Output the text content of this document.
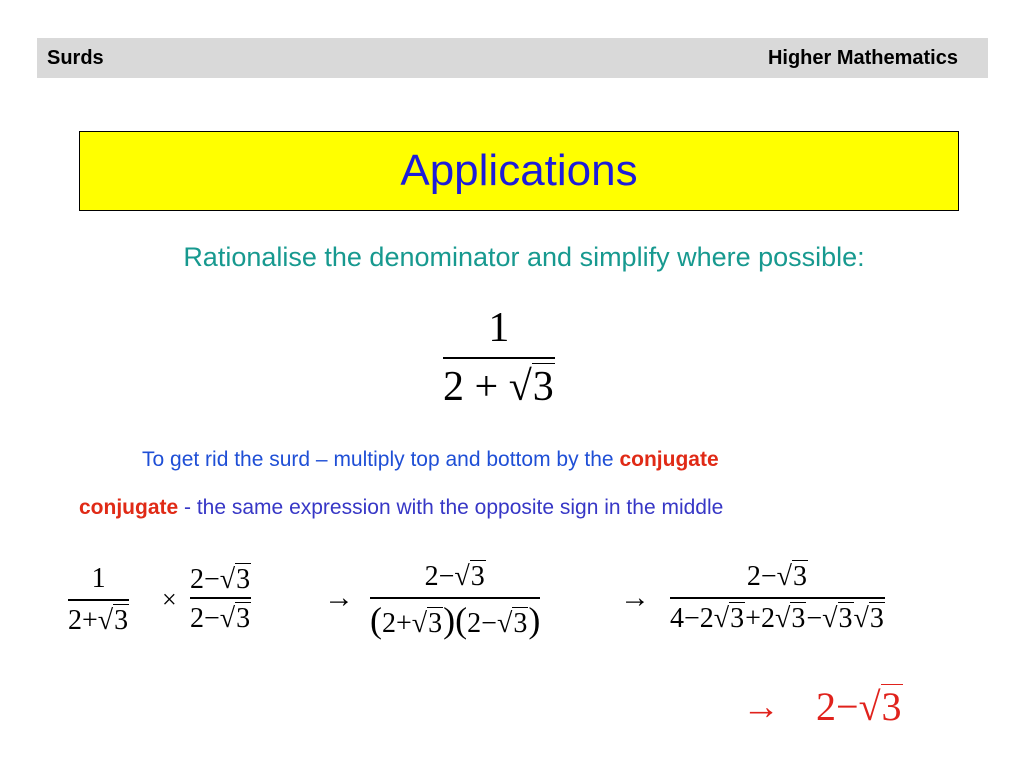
Surds	Higher Mathematics
Applications
Rationalise the denominator and simplify where possible:
1
2 + √ 3
To get rid the surd – multiply top and bottom by the conjugate
conjugate - the same expression with the opposite sign in the middle
1
2+ √ 3
×
2− √ 3
2− √ 3
→
2− √ 3
(2+ √ 3 )(2− √ 3 )
→
2− √ 3
4−2 √ 3 +2 √ 3 − √ 3 √ 3
→ 2− √ 3
